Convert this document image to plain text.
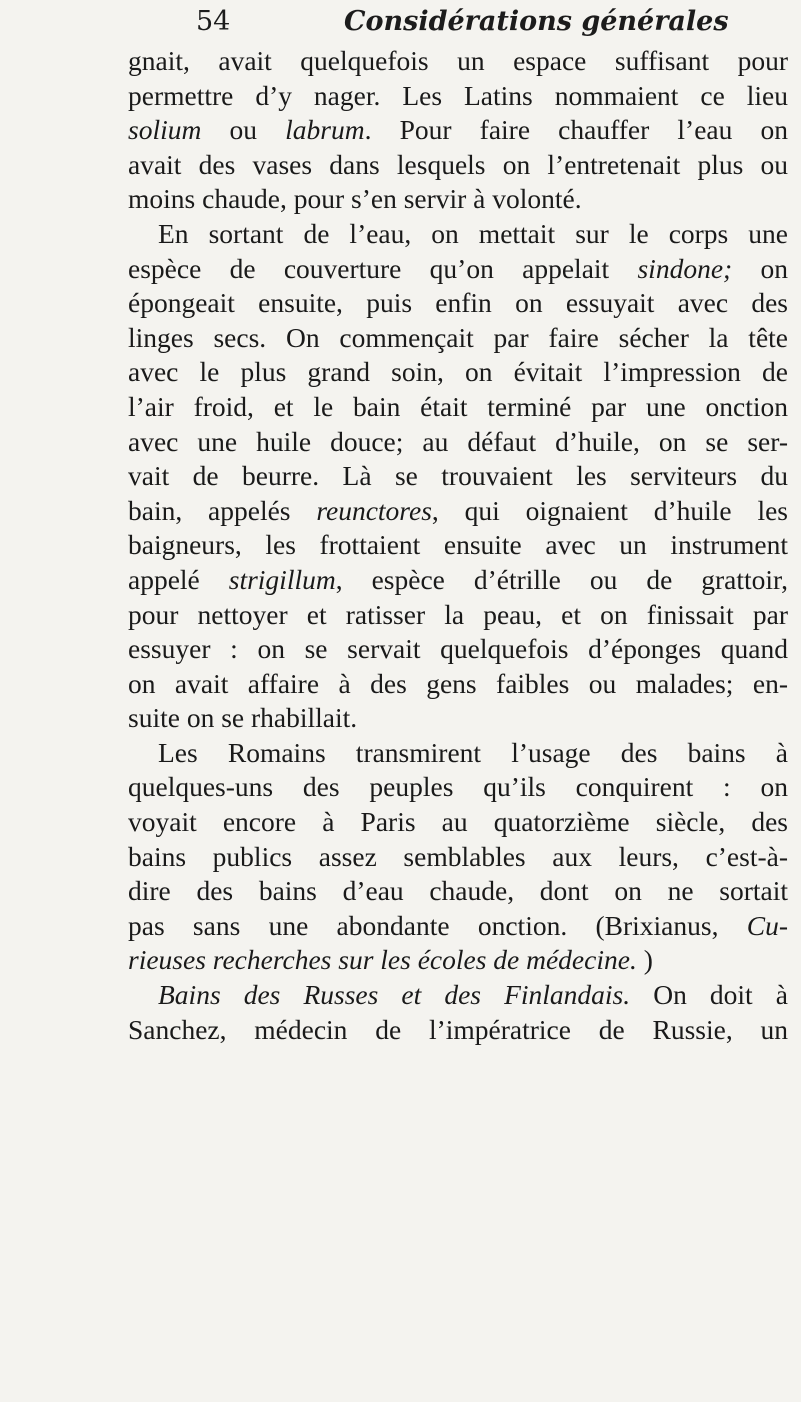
54	Considérations générales
gnait, avait quelquefois un espace suffisant pour
permettre d’y nager. Les Latins nommaient ce lieu
solium ou labrum. Pour faire chauffer l’eau on
avait des vases dans lesquels on l’entretenait plus ou
moins chaude, pour s’en servir à volonté.
En sortant de l’eau, on mettait sur le corps une
espèce de couverture qu’on appelait sindone; on
épongeait ensuite, puis enfin on essuyait avec des
linges secs. On commençait par faire sécher la tête
avec le plus grand soin, on évitait l’impression de
l’air froid, et le bain était terminé par une onction
avec une huile douce; au défaut d’huile, on se ser-
vait de beurre. Là se trouvaient les serviteurs du
bain, appelés reunctores, qui oignaient d’huile les
baigneurs, les frottaient ensuite avec un instrument
appelé strigillum, espèce d’étrille ou de grattoir,
pour nettoyer et ratisser la peau, et on finissait par
essuyer : on se servait quelquefois d’éponges quand
on avait affaire à des gens faibles ou malades; en-
suite on se rhabillait.
Les Romains transmirent l’usage des bains à
quelques-uns des peuples qu’ils conquirent : on
voyait encore à Paris au quatorzième siècle, des
bains publics assez semblables aux leurs, c’est-à-
dire des bains d’eau chaude, dont on ne sortait
pas sans une abondante onction. (Brixianus, Cu-
rieuses recherches sur les écoles de médecine. )
Bains des Russes et des Finlandais. On doit à
Sanchez, médecin de l’impératrice de Russie, un
